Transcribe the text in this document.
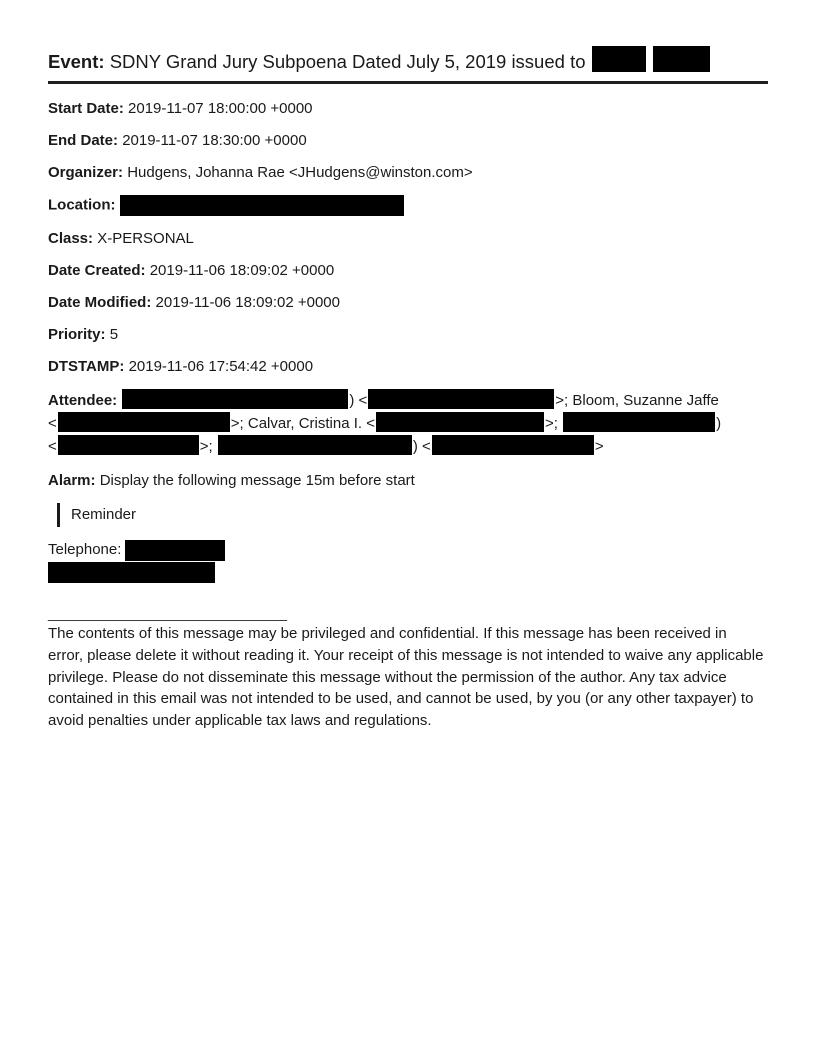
Event: SDNY Grand Jury Subpoena Dated July 5, 2019 issued to

Start Date: 2019-11-07 18:00:00 +0000

End Date: 2019-11-07 18:30:00 +0000

Organizer: Hudgens, Johanna Rae <JHudgens@winston.com>

Location:

Class: X-PERSONAL

Date Created: 2019-11-06 18:09:02 +0000

Date Modified: 2019-11-06 18:09:02 +0000

Priority: 5

DTSTAMP: 2019-11-06 17:54:42 +0000

Attendee:	) <	>; Bloom, Suzanne Jaffe
<	>; Calvar, Cristina I. <	>;	)
<	>;	) <	>

Alarm: Display the following message 15m before start

Reminder
Telephone:
____________________________

The contents of this message may be privileged and confidential. If this message has been received in error, please delete it without reading it. Your receipt of this message is not intended to waive any applicable privilege. Please do not disseminate this message without the permission of the author. Any tax advice contained in this email was not intended to be used, and cannot be used, by you (or any other taxpayer) to avoid penalties under applicable tax laws and regulations.
